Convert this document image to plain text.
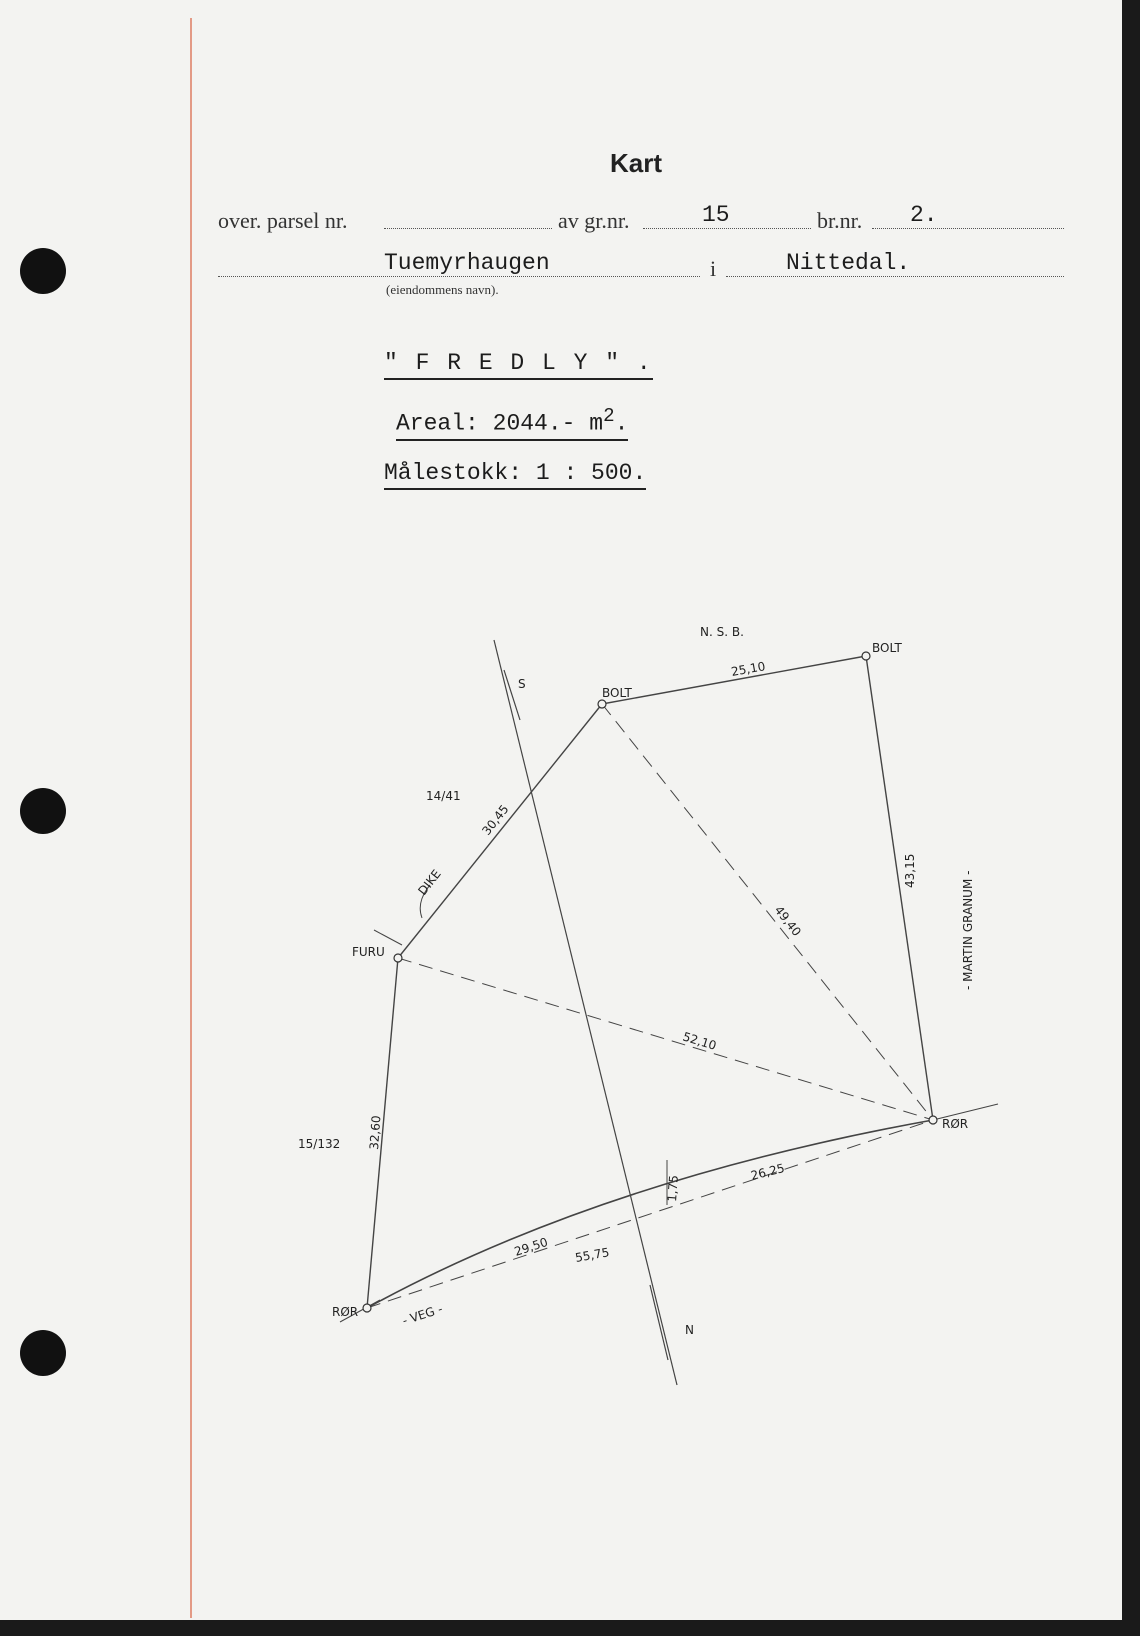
Kart
over. parsel nr.	av gr.nr.	15	br.nr. 2.
Tuemyrhaugen	i	Nittedal.
(eiendommens navn).
" F R E D L Y " .
Areal: 2044.- $m^2$.
Målestokk: 1 : 500.
N. S. B.
BOLT
BOLT
FURU
RØR
RØR
S
N
DIKE
- VEG -
14/41
15/132
- MARTIN GRANUM -
25,10
30,45
49,40
43,15
52,10
32,60
29,50 55,75
26,25
1,75
